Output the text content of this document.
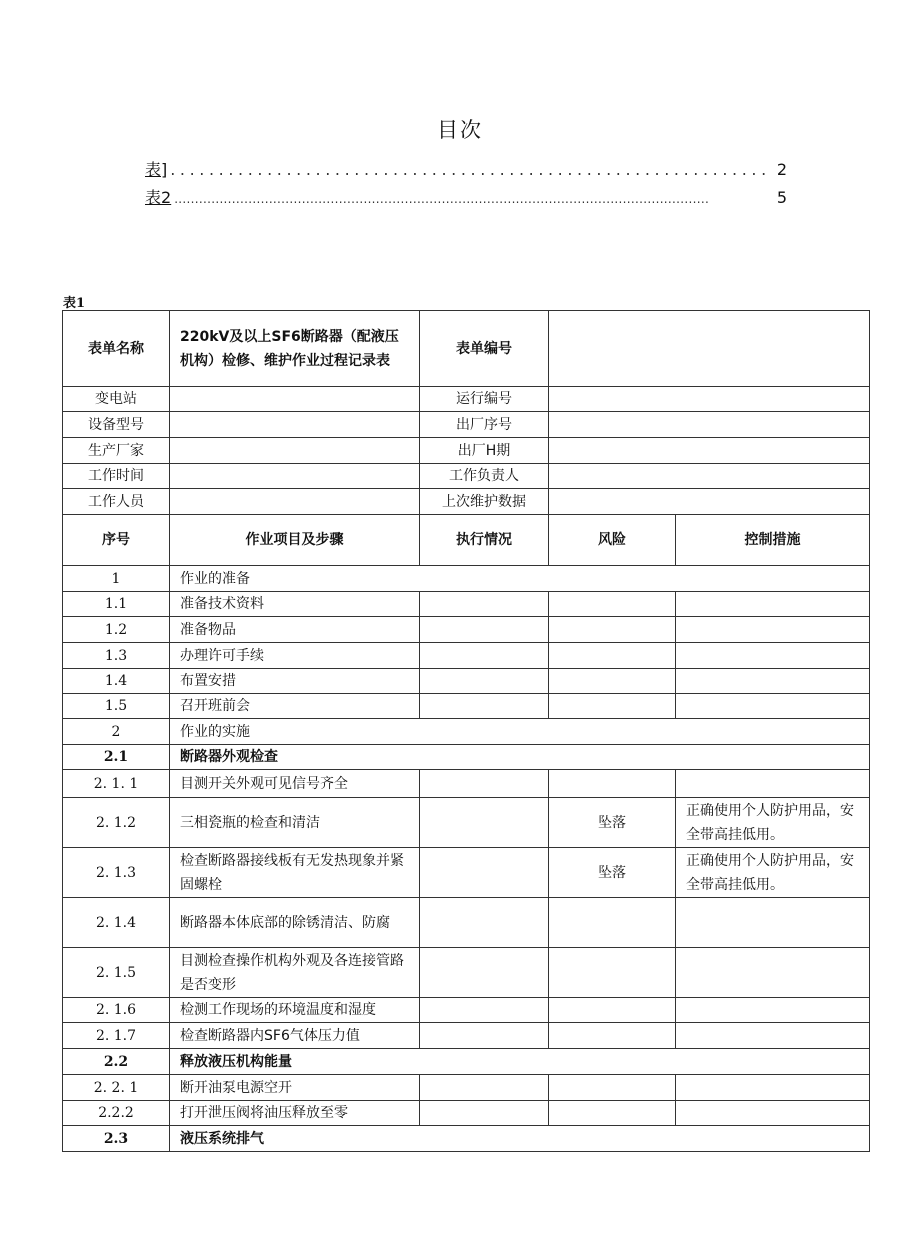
目次
表] .............................................................. 2
表2 ..................................................................................................................................	5
表1
表单名称	220kV及以上SF6断路器（配液压机构）检修、维护作业过程记录表	表单编号		
变电站		运行编号		
设备型号		出厂序号		
生产厂家		出厂H期		
工作时间		工作负责人		
工作人员		上次维护数据		
序号	作业项目及步骤	执行情况	风险	控制措施
1	作业的准备			
1.1	准备技术资料			
1.2	准备物品			
1.3	办理许可手续			
1.4	布置安措			
1.5	召开班前会			
2	作业的实施			
2.1	断路器外观检查			
2. 1. 1	目测开关外观可见信号齐全			
2. 1.2	三相瓷瓶的检查和清洁		坠落	正确使用个人防护用品，安全带高挂低用。
2. 1.3	检查断路器接线板有无发热现象并紧固螺栓		坠落	正确使用个人防护用品，安全带高挂低用。
2. 1.4	断路器本体底部的除锈清洁、防腐			
2. 1.5	目测检查操作机构外观及各连接管路是否变形			
2. 1.6	检测工作现场的环境温度和湿度			
2. 1.7	检查断路器内SF6气体压力值			
2.2	释放液压机构能量			
2. 2. 1	断开油泵电源空开			
2.2.2	打开泄压阀将油压释放至零			
2.3	液压系统排气			
